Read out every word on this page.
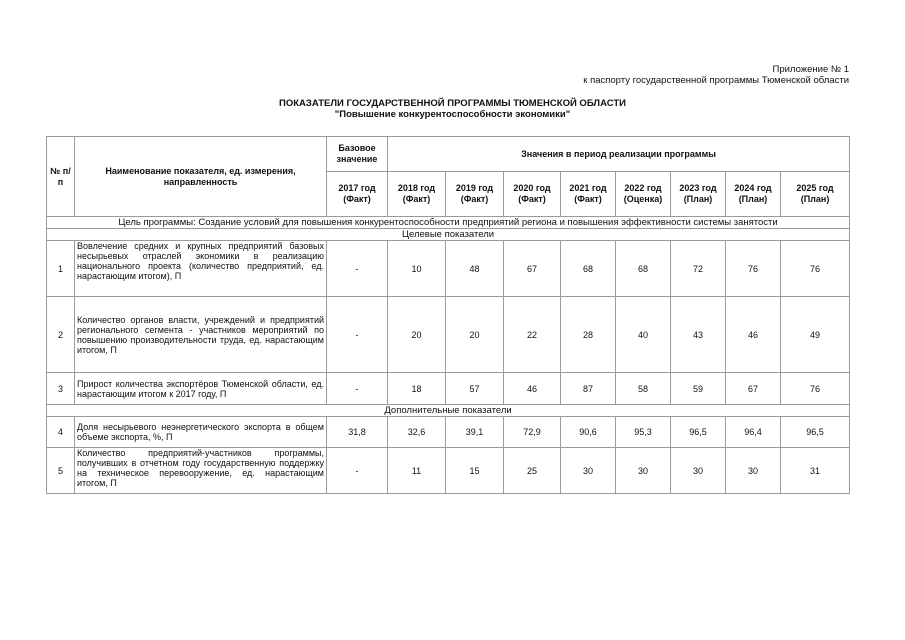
Приложение № 1
к паспорту государственной программы Тюменской области
ПОКАЗАТЕЛИ ГОСУДАРСТВЕННОЙ ПРОГРАММЫ ТЮМЕНСКОЙ ОБЛАСТИ
"Повышение конкурентоспособности экономики"
№ п/п	Наименование показателя, ед. измерения, направленность	Базовое значение	Значения в период реализации программы							
		2017 год (Факт)	2018 год (Факт)	2019 год (Факт)	2020 год (Факт)	2021 год (Факт)	2022 год (Оценка)	2023 год (План)	2024 год (План)	2025 год (План)
Цель программы: Создание условий для повышения конкурентоспособности предприятий региона и повышения эффективности системы занятости										
Целевые показатели										
1	Вовлечение средних и крупных предприятий базовых несырьевых отраслей экономики в реализацию национального проекта (количество предприятий, ед. нарастающим итогом), П	-	10	48	67	68	68	72	76	76
2	Количество органов власти, учреждений и предприятий регионального сегмента - участников мероприятий по повышению производительности труда, ед. нарастающим итогом, П	-	20	20	22	28	40	43	46	49
3	Прирост количества экспортёров Тюменской области, ед. нарастающим итогом к 2017 году, П	-	18	57	46	87	58	59	67	76
Дополнительные показатели										
4	Доля несырьевого неэнергетического экспорта в общем объеме экспорта, %, П	31,8	32,6	39,1	72,9	90,6	95,3	96,5	96,4	96,5
5	Количество предприятий-участников программы, получивших в отчетном году государственную поддержку на техническое перевооружение, ед. нарастающим итогом, П	-	11	15	25	30	30	30	30	31
